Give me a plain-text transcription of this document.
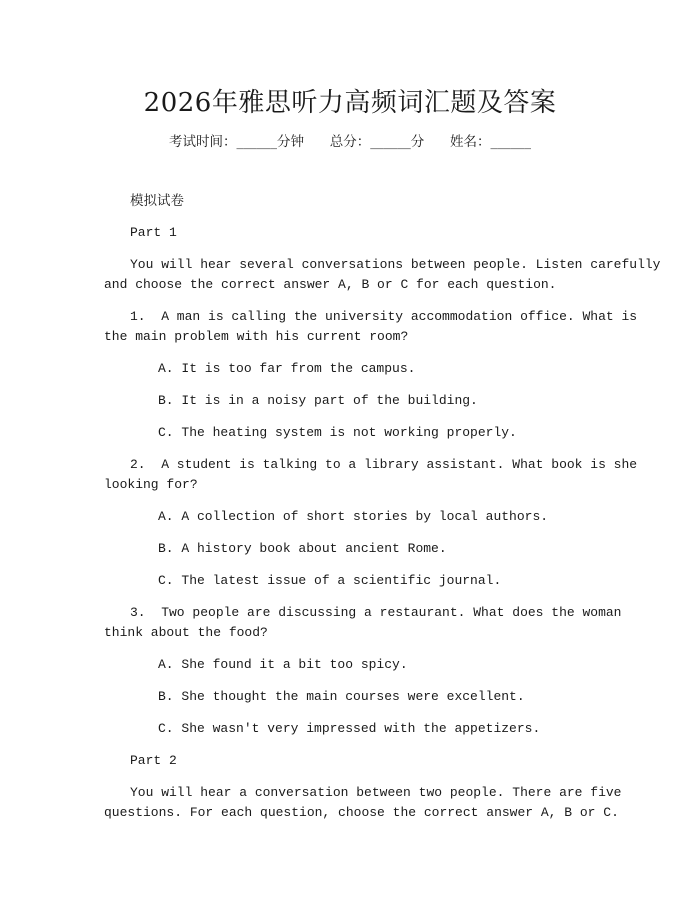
2026年雅思听力高频词汇题及答案
考试时间：______分钟      总分：______分      姓名：______
模拟试卷
Part 1
You will hear several conversations between people. Listen carefully
and choose the correct answer A, B or C for each question.
1.  A man is calling the university accommodation office. What is
the main problem with his current room?
A. It is too far from the campus.
B. It is in a noisy part of the building.
C. The heating system is not working properly.
2.  A student is talking to a library assistant. What book is she
looking for?
A. A collection of short stories by local authors.
B. A history book about ancient Rome.
C. The latest issue of a scientific journal.
3.  Two people are discussing a restaurant. What does the woman
think about the food?
A. She found it a bit too spicy.
B. She thought the main courses were excellent.
C. She wasn't very impressed with the appetizers.
Part 2
You will hear a conversation between two people. There are five
questions. For each question, choose the correct answer A, B or C.
